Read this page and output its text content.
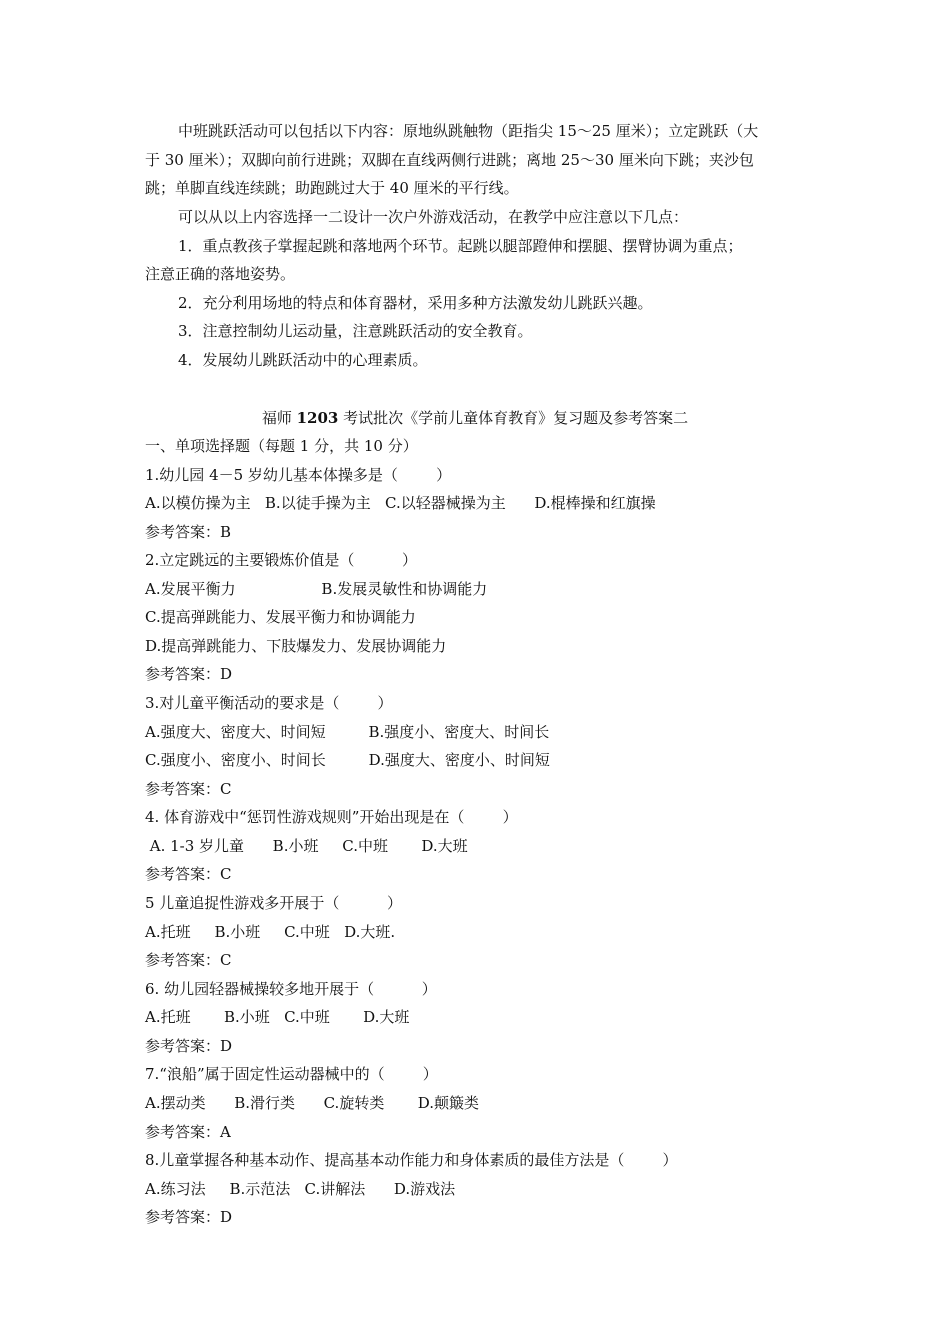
中班跳跃活动可以包括以下内容：原地纵跳触物（距指尖 15～25 厘米）；立定跳跃（大
于 30 厘米）；双脚向前行进跳；双脚在直线两侧行进跳；离地 25～30 厘米向下跳；夹沙包
跳；单脚直线连续跳；助跑跳过大于 40 厘米的平行线。
可以从以上内容选择一二设计一次户外游戏活动，在教学中应注意以下几点：
1．重点教孩子掌握起跳和落地两个环节。起跳以腿部蹬伸和摆腿、摆臂协调为重点；
注意正确的落地姿势。
2．充分利用场地的特点和体育器材，采用多种方法激发幼儿跳跃兴趣。
3．注意控制幼儿运动量，注意跳跃活动的安全教育。
4．发展幼儿跳跃活动中的心理素质。
福师 1203 考试批次《学前儿童体育教育》复习题及参考答案二
一、单项选择题（每题 1 分，共 10 分）
1.幼儿园 4－5 岁幼儿基本体操多是（        ）
A.以模仿操为主   B.以徒手操为主   C.以轻器械操为主      D.棍棒操和红旗操
参考答案：B
2.立定跳远的主要锻炼价值是（          ）
A.发展平衡力                  B.发展灵敏性和协调能力
C.提高弹跳能力、发展平衡力和协调能力
D.提高弹跳能力、下肢爆发力、发展协调能力
参考答案：D
3.对儿童平衡活动的要求是（        ）
A.强度大、密度大、时间短         B.强度小、密度大、时间长
C.强度小、密度小、时间长         D.强度大、密度小、时间短
参考答案：C
4. 体育游戏中“惩罚性游戏规则”开始出现是在（        ）
A. 1-3 岁儿童      B.小班     C.中班       D.大班
参考答案：C
5 儿童追捉性游戏多开展于（          ）
A.托班     B.小班     C.中班   D.大班.
参考答案：C
6. 幼儿园轻器械操较多地开展于（          ）
A.托班       B.小班   C.中班       D.大班
参考答案：D
7.“浪船”属于固定性运动器械中的（        ）
A.摆动类      B.滑行类      C.旋转类       D.颠簸类
参考答案：A
8.儿童掌握各种基本动作、提高基本动作能力和身体素质的最佳方法是（        ）
A.练习法     B.示范法   C.讲解法      D.游戏法
参考答案：D
